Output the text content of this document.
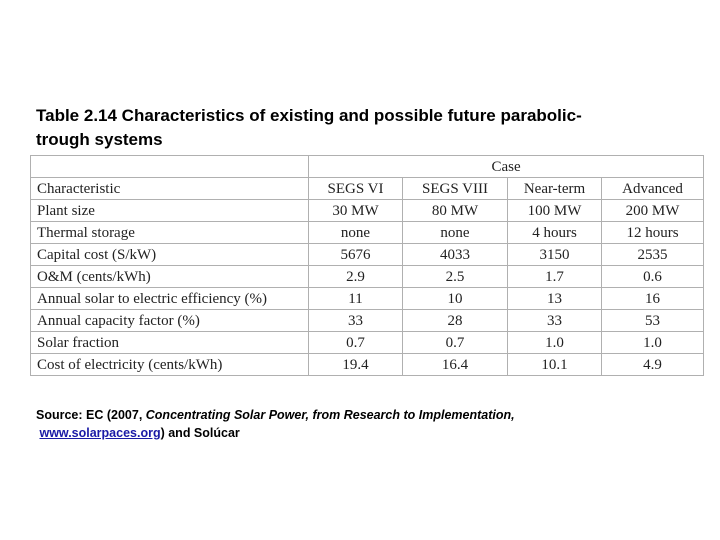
Table 2.14 Characteristics of existing and possible future parabolic-
trough systems
	Case			
Characteristic	SEGS VI	SEGS VIII	Near-term	Advanced
Plant size	30 MW	80 MW	100 MW	200 MW
Thermal storage	none	none	4 hours	12 hours
Capital cost (S/kW)	5676	4033	3150	2535
O&M (cents/kWh)	2.9	2.5	1.7	0.6
Annual solar to electric efficiency (%)	11	10	13	16
Annual capacity factor (%)	33	28	33	53
Solar fraction	0.7	0.7	1.0	1.0
Cost of electricity (cents/kWh)	19.4	16.4	10.1	4.9
Source: EC (2007, Concentrating Solar Power, from Research to Implementation,
www.solarpaces.org) and Solúcar
